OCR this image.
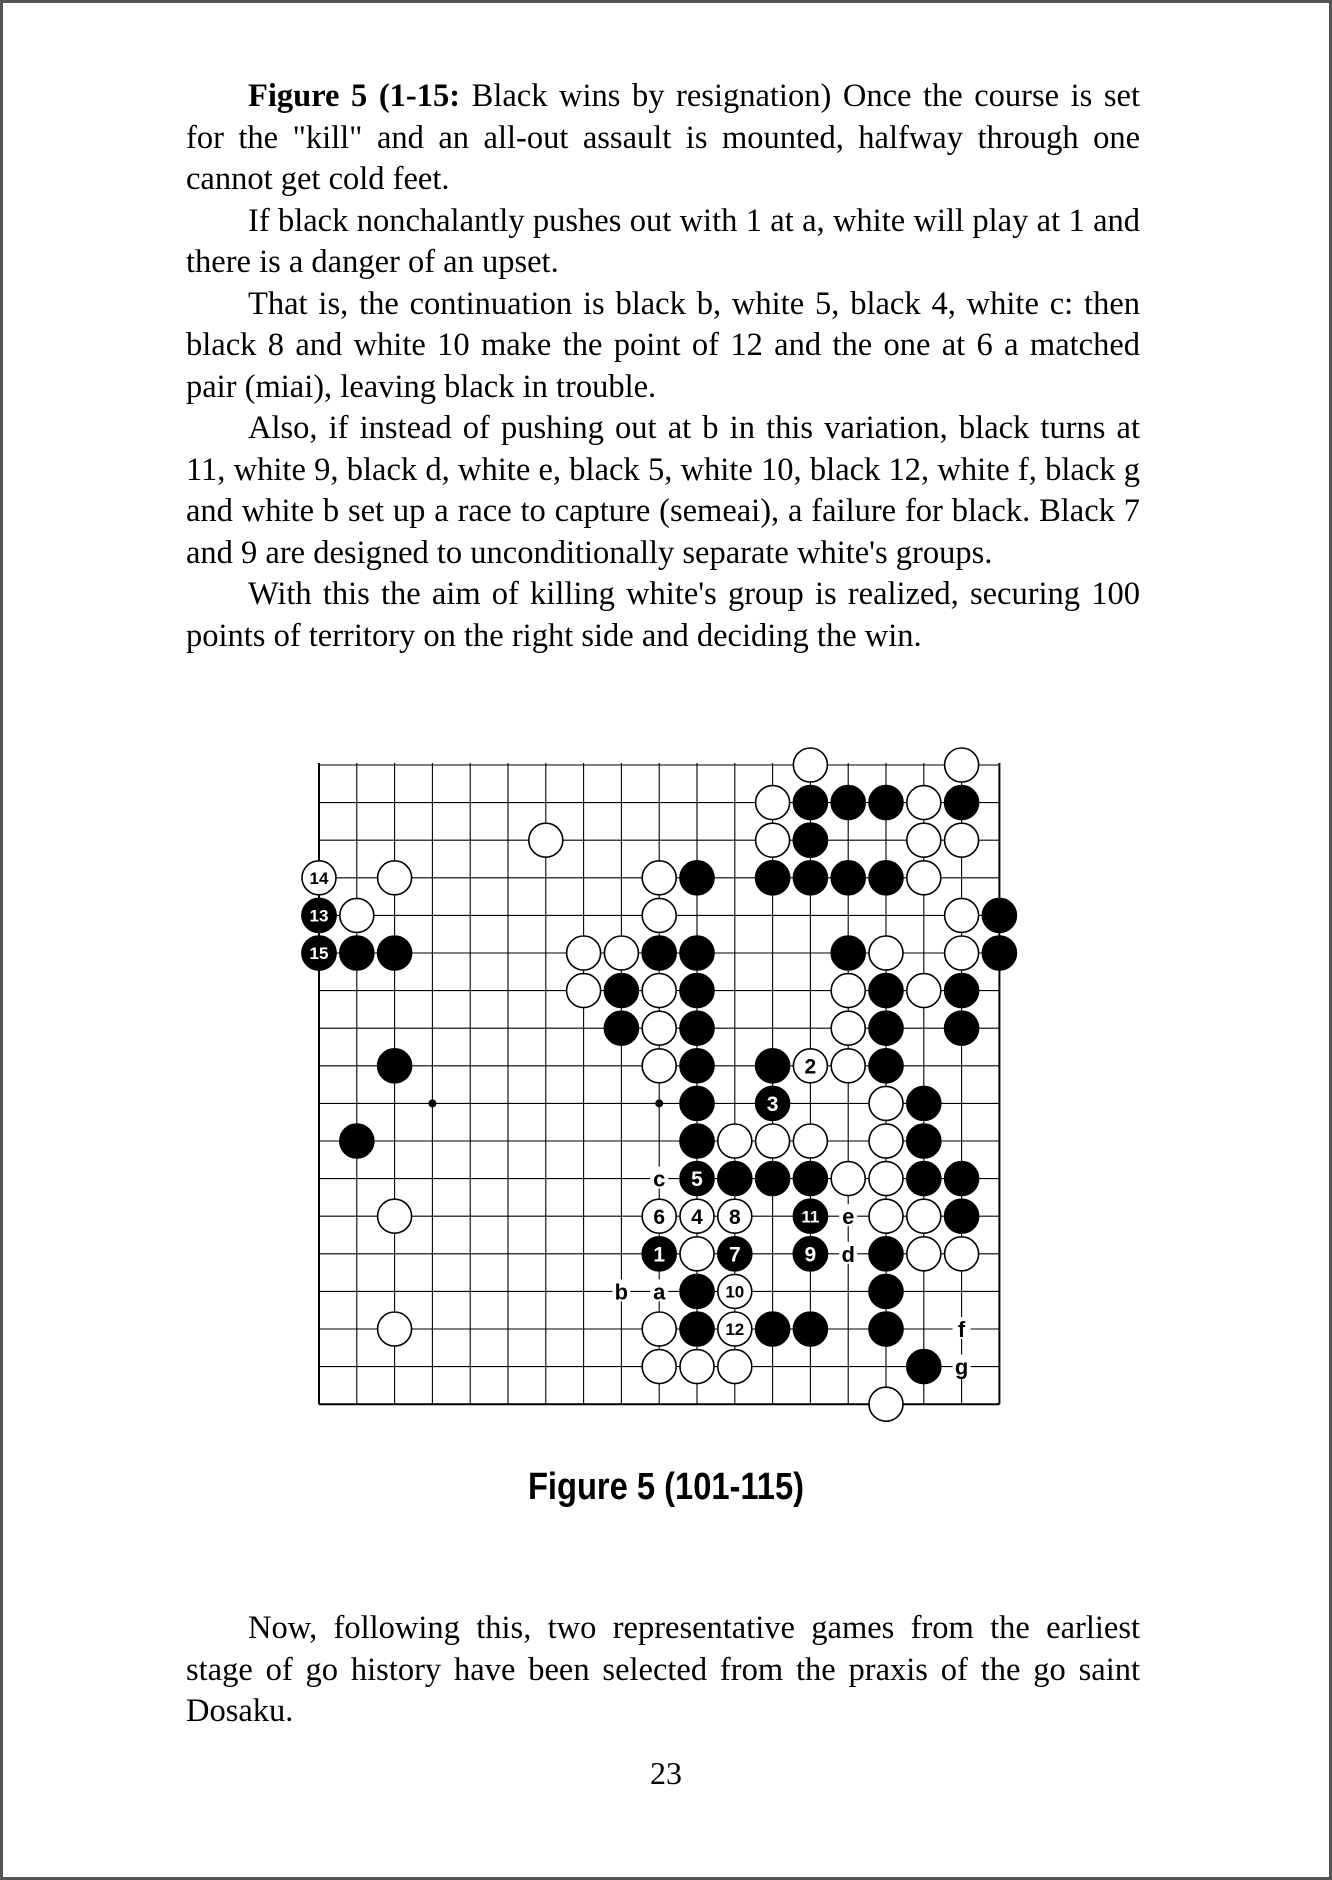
Figure 5 (1-15: Black wins by resignation) Once the course is set for the "kill" and an all-out assault is mounted, halfway through one cannot get cold feet.

If black nonchalantly pushes out with 1 at a, white will play at 1 and there is a danger of an upset.

That is, the continuation is black b, white 5, black 4, white c: then black 8 and white 10 make the point of 12 and the one at 6 a matched pair (miai), leaving black in trouble.

Also, if instead of pushing out at b in this variation, black turns at 11, white 9, black d, white e, black 5, white 10, black 12, white f, black g and white b set up a race to capture (semeai), a failure for black. Black 7 and 9 are designed to unconditionally separate white's groups.

With this the aim of killing white's group is realized, securing 100 points of territory on the right side and deciding the win.

a
b
c
d
e
f
g
1
2
3
4
5
6
7
8
9
10
11
12
13
14
15
Figure 5 (101-115)

Now, following this, two representative games from the earliest stage of go history have been selected from the praxis of the go saint Dosaku.

23
